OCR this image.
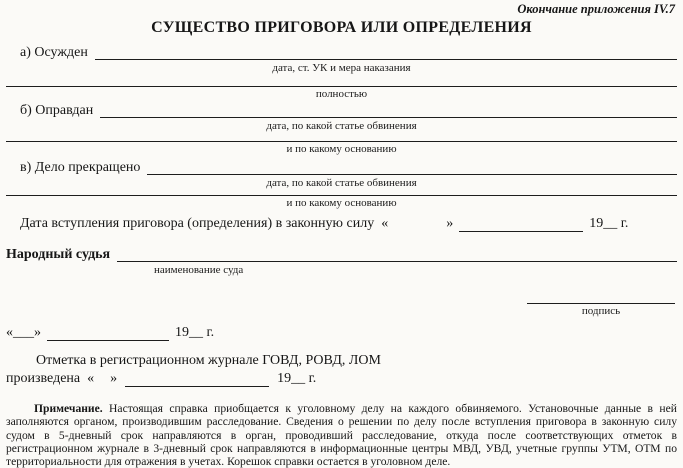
Окончание приложения IV.7
СУЩЕСТВО ПРИГОВОРА ИЛИ ОПРЕДЕЛЕНИЯ
а) Осужден
дата, ст. УК и мера наказания
полностью
б) Оправдан
дата, по какой статье обвинения
и по какому основанию
в) Дело прекращено
дата, по какой статье обвинения
и по какому основанию
Дата вступления приговора (определения) в законную силу «	»	19__ г.
Народный судья
наименование суда
подпись
«___»	19__ г.
Отметка в регистрационном журнале ГОВД, РОВД, ЛОМ
произведена « »	19__ г.

Примечание. Настоящая справка приобщается к уголовному делу на каждого обвиняемого. Установочные данные в ней заполняются органом, производившим расследование. Сведения о решении по делу после вступления приговора в законную силу судом в 5-дневный срок направляются в орган, проводивший расследование, откуда после соответствующих отметок в регистрационном журнале в 3-дневный срок направляются в информационные центры МВД, УВД, учетные группы УТМ, ОТМ по территориальности для отражения в учетах. Корешок справки остается в уголовном деле.
